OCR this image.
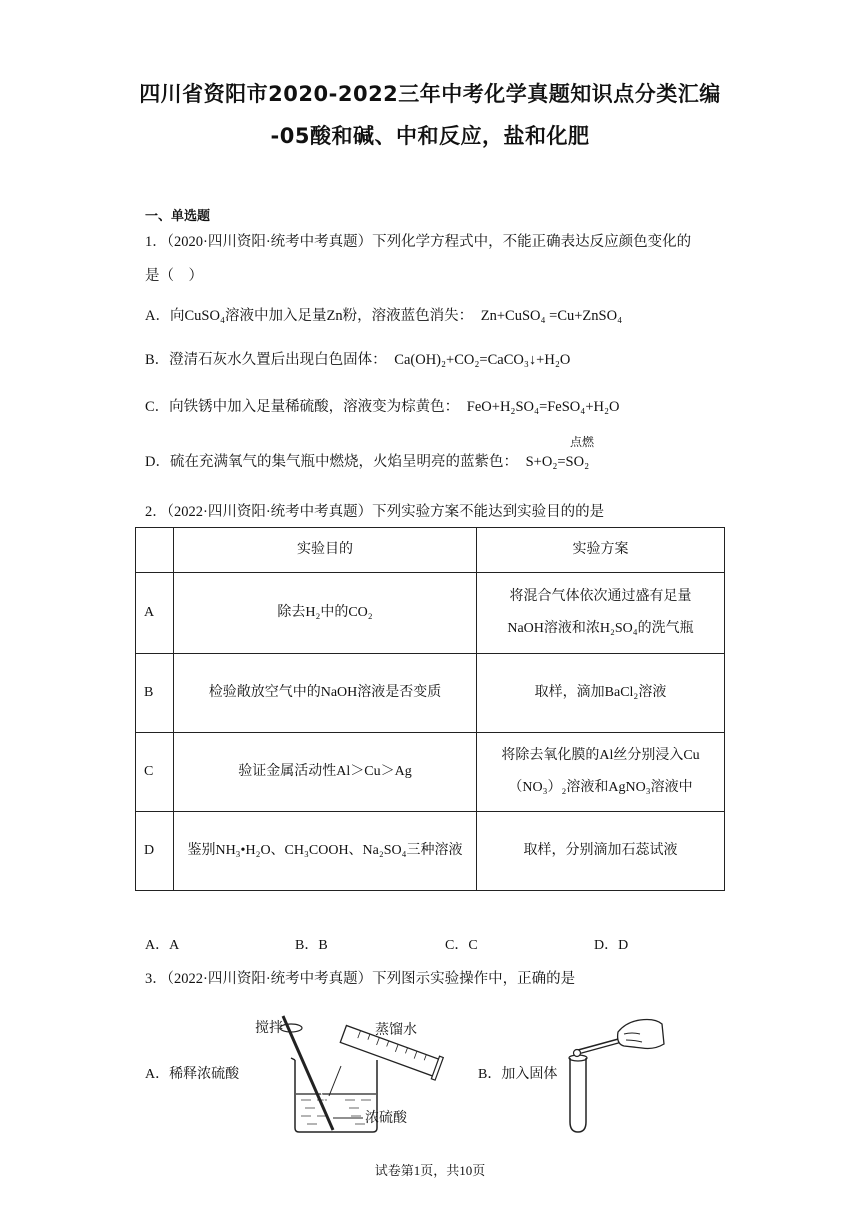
四川省资阳市2020-2022三年中考化学真题知识点分类汇编
-05酸和碱、中和反应，盐和化肥
一、单选题
1．（2020·四川资阳·统考中考真题）下列化学方程式中，不能正确表达反应颜色变化的
是（　）
A．向CuSO₄溶液中加入足量Zn粉，溶液蓝色消失： Zn+CuSO₄ =Cu+ZnSO₄
B．澄清石灰水久置后出现白色固体： Ca(OH)₂+CO₂=CaCO₃↓+H₂O
C．向铁锈中加入足量稀硫酸，溶液变为棕黄色： FeO+H₂SO₄=FeSO₄+H₂O
D．硫在充满氧气的集气瓶中燃烧，火焰呈明亮的蓝紫色： S+O₂=SO₂
点燃
2．（2022·四川资阳·统考中考真题）下列实验方案不能达到实验目的的是
	实验目的	实验方案
A	除去H₂中的CO₂	将混合气体依次通过盛有足量NaOH溶液和浓H₂SO₄的洗气瓶
B	检验敞放空气中的NaOH溶液是否变质	取样，滴加BaCl₂溶液
C	验证金属活动性Al＞Cu＞Ag	将除去氧化膜的Al丝分别浸入Cu（NO₃）₂溶液和AgNO₃溶液中
D	鉴别NH₃•H₂O、CH₃COOH、Na₂SO₄三种溶液	取样，分别滴加石蕊试液
A．A	B．B	C．C	D．D
3．（2022·四川资阳·统考中考真题）下列图示实验操作中，正确的是
A．稀释浓硫酸	B．加入固体
搅拌	蒸馏水
浓硫酸
试卷第1页，共10页
